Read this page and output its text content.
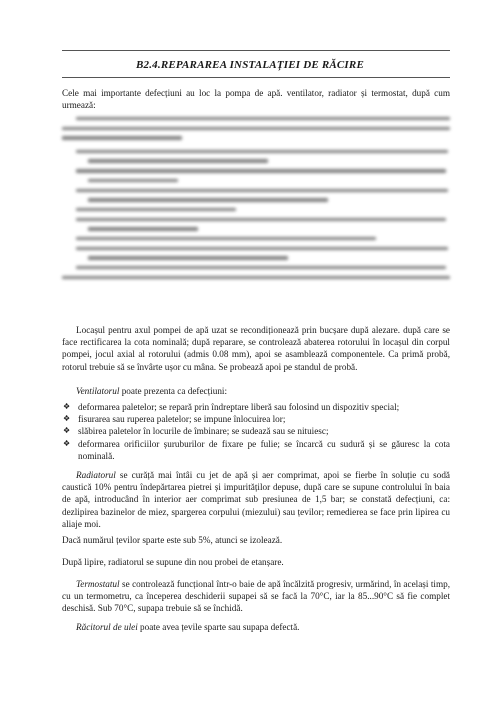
B2.4.REPARAREA INSTALAȚIEI DE RĂCIRE
Cele mai importante defecțiuni au loc la pompa de apă. ventilator, radiator și termostat, după cum urmează:
Locașul pentru axul pompei de apă uzat se recondiționează prin bucșare după alezare. după care se face rectificarea la cota nominală; după reparare, se controlează abaterea rotorului în locașul din corpul pompei, jocul axial al rotorului (admis 0.08 mm), apoi se asamblează componentele. Ca primă probă, rotorul trebuie să se învârte ușor cu mâna. Se probează apoi pe standul de probă.
Ventilatorul poate prezenta ca defecțiuni:
❖ deformarea paletelor; se repară prin îndreptare liberă sau folosind un dispozitiv special;
❖ fisurarea sau ruperea paletelor; se impune înlocuirea lor;
❖ slăbirea paletelor în locurile de îmbinare; se sudează sau se nituiesc;
❖ deformarea orificiilor șuruburilor de fixare pe fulie; se încarcă cu sudură și se găuresc la cota nominală.
Radiatorul se curăță mai întâi cu jet de apă și aer comprimat, apoi se fierbe în soluție cu sodă caustică 10% pentru îndepărtarea pietrei și impurităților depuse, după care se supune controlului în baia de apă, introducând în interior aer comprimat sub presiunea de 1,5 bar; se constată defecțiuni, ca: dezlipirea bazinelor de miez, spargerea corpului (miezului) sau țevilor; remedierea se face prin lipirea cu aliaje moi.
Dacă numărul țevilor sparte este sub 5%, atunci se izolează.
După lipire, radiatorul se supune din nou probei de etanșare.
Termostatul se controlează funcțional într-o baie de apă încălzită progresiv, urmărind, în același timp, cu un termometru, ca începerea deschiderii supapei să se facă la 70°C, iar la 85...90°C să fie complet deschisă. Sub 70°C, supapa trebuie să se închidă.
Răcitorul de ulei poate avea țevile sparte sau supapa defectă.
